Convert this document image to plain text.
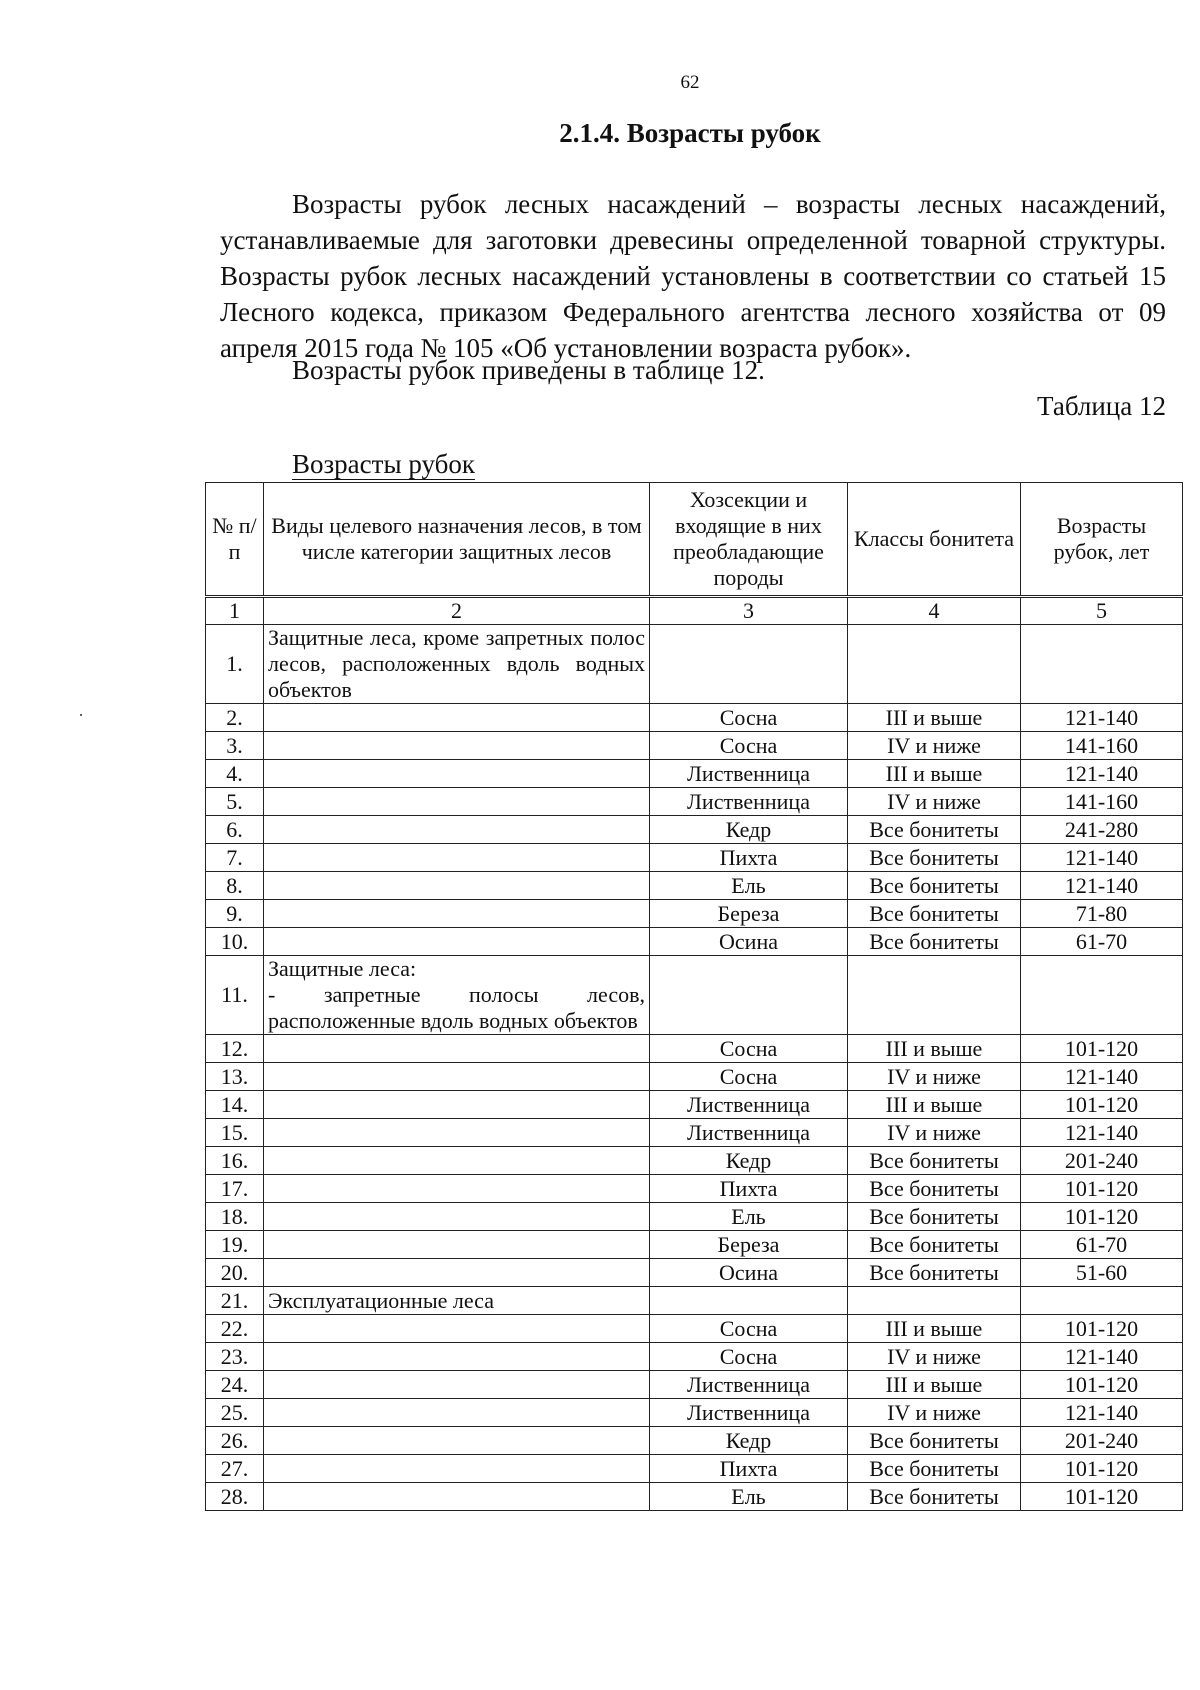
62
2.1.4. Возрасты рубок
Возрасты рубок лесных насаждений – возрасты лесных насаждений, устанавливаемые для заготовки древесины определенной товарной структуры. Возрасты рубок лесных насаждений установлены в соответствии со статьей 15 Лесного кодекса, приказом Федерального агентства лесного хозяйства от 09 апреля 2015 года № 105 «Об установлении возраста рубок».
Возрасты рубок приведены в таблице 12.
Таблица 12
Возрасты рубок
№ п/п	Виды целевого назначения лесов, в том числе категории защитных лесов	Хозсекции и входящие в них преобладающие породы	Классы бонитета	Возрасты рубок, лет
1	2	3	4	5
1.	Защитные леса, кроме запретных полос лесов, расположенных вдоль водных объектов			
2.		Сосна	III и выше	121-140
3.		Сосна	IV и ниже	141-160
4.		Лиственница	III и выше	121-140
5.		Лиственница	IV и ниже	141-160
6.		Кедр	Все бонитеты	241-280
7.		Пихта	Все бонитеты	121-140
8.		Ель	Все бонитеты	121-140
9.		Береза	Все бонитеты	71-80
10.		Осина	Все бонитеты	61-70
11.	Защитные леса:
- запретные полосы лесов, расположенные вдоль водных объектов			
12.		Сосна	III и выше	101-120
13.		Сосна	IV и ниже	121-140
14.		Лиственница	III и выше	101-120
15.		Лиственница	IV и ниже	121-140
16.		Кедр	Все бонитеты	201-240
17.		Пихта	Все бонитеты	101-120
18.		Ель	Все бонитеты	101-120
19.		Береза	Все бонитеты	61-70
20.		Осина	Все бонитеты	51-60
21.	Эксплуатационные леса			
22.		Сосна	III и выше	101-120
23.		Сосна	IV и ниже	121-140
24.		Лиственница	III и выше	101-120
25.		Лиственница	IV и ниже	121-140
26.		Кедр	Все бонитеты	201-240
27.		Пихта	Все бонитеты	101-120
28.		Ель	Все бонитеты	101-120
